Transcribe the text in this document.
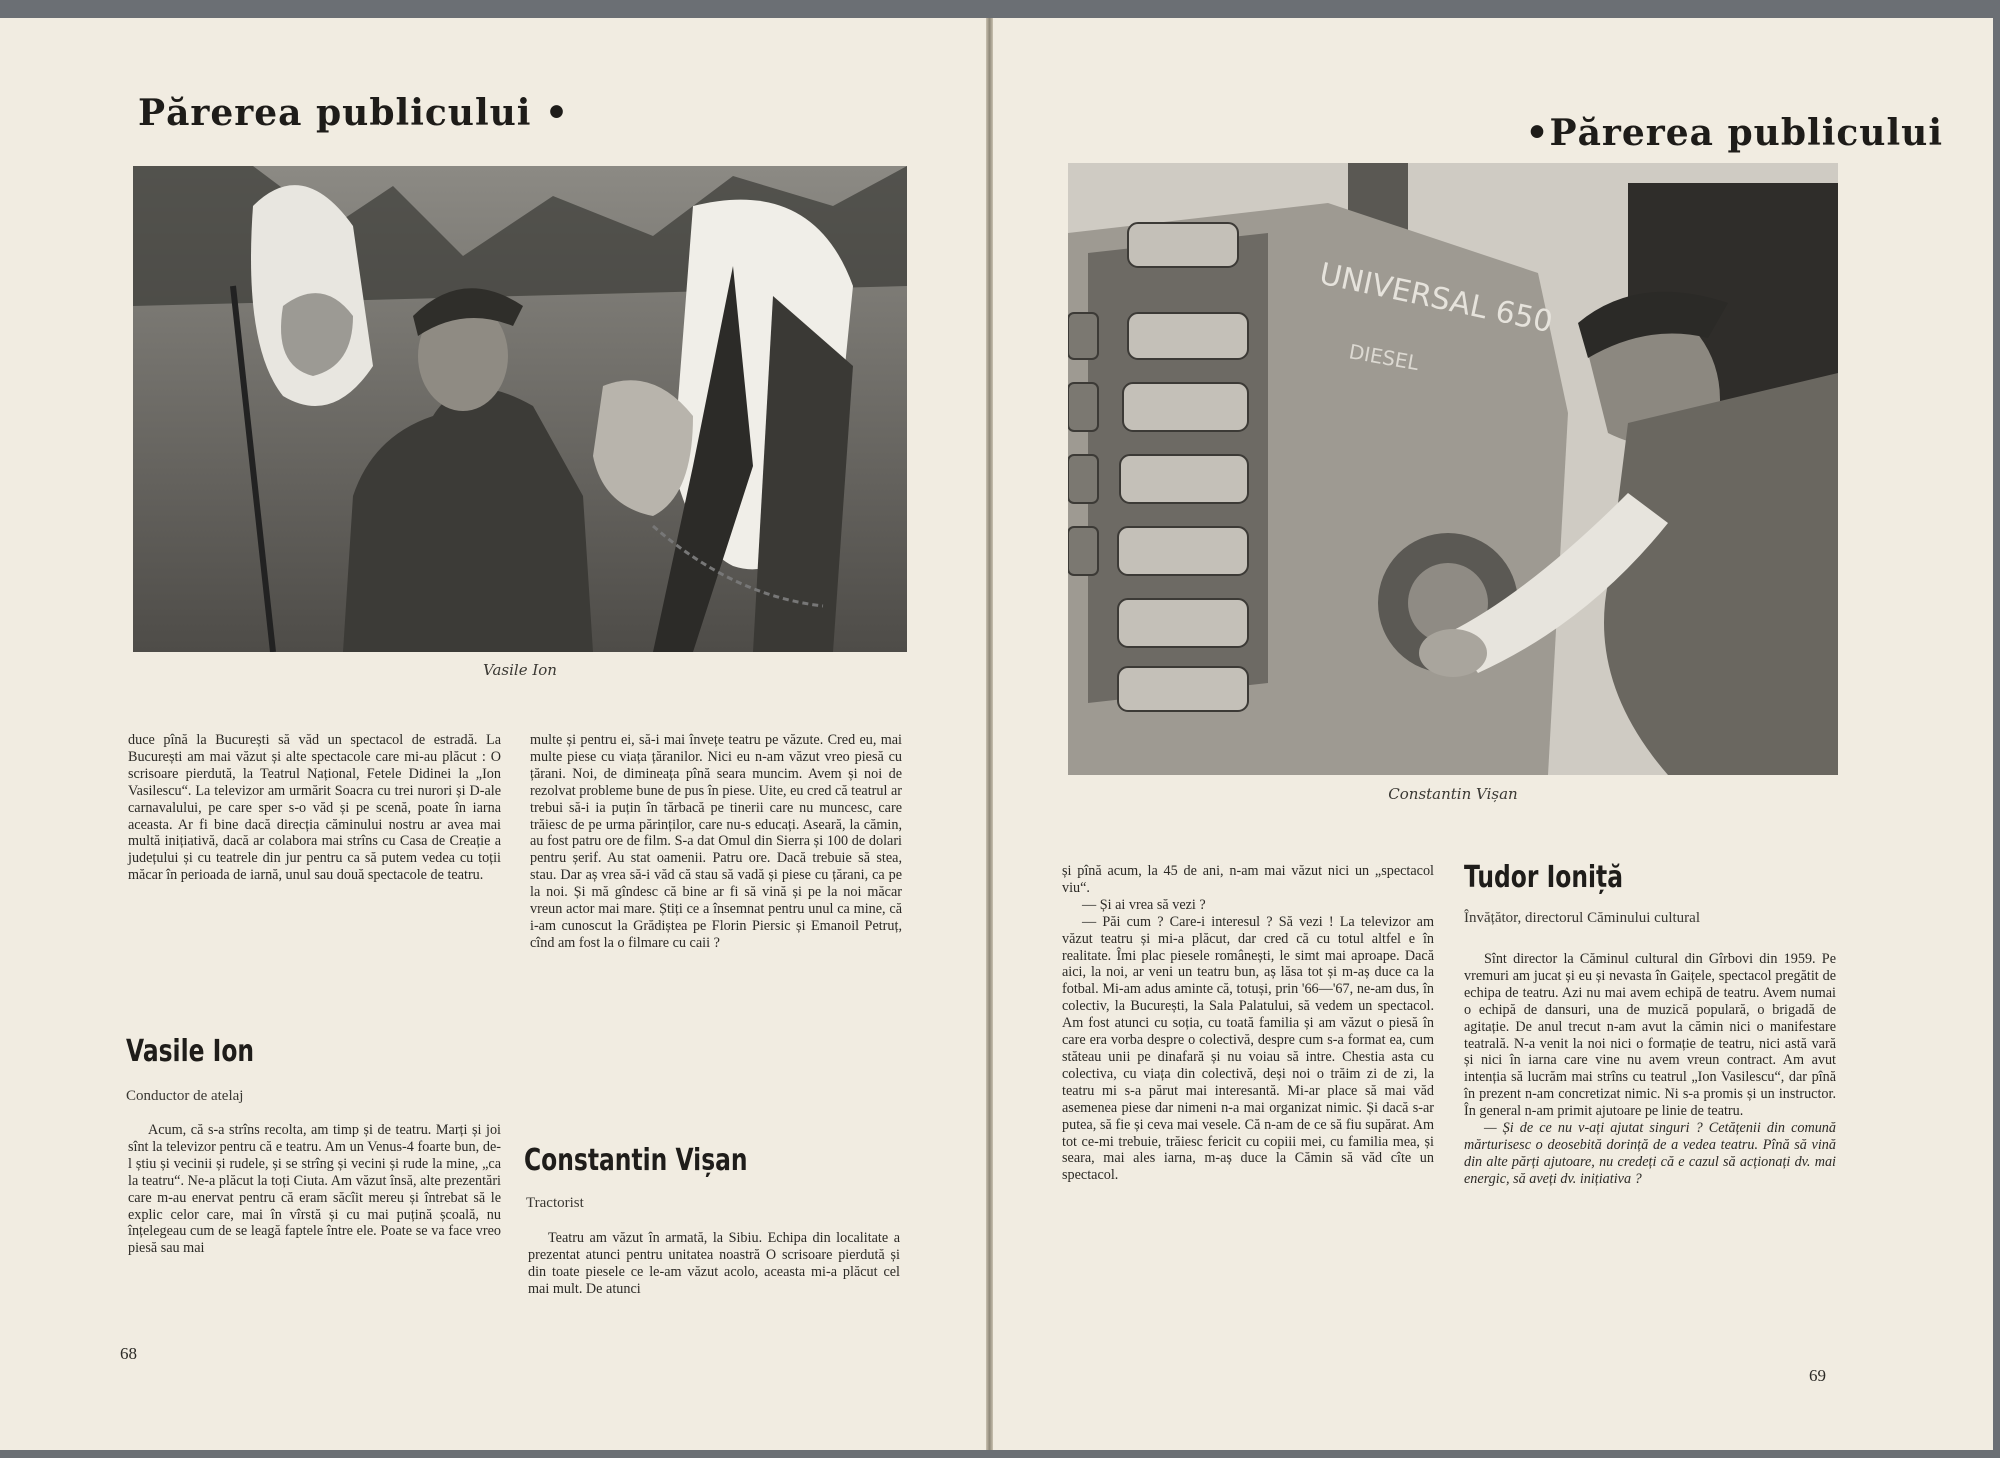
Părerea publicului •
Vasile Ion

duce pînă la București să văd un spectacol de estradă. La București am mai văzut și alte spectacole care mi-au plăcut : O scrisoare pierdută, la Teatrul Național, Fetele Didinei la „Ion Vasilescu“. La televizor am urmărit Soacra cu trei nurori și D-ale carnavalului, pe care sper s-o văd și pe scenă, poate în iarna aceasta. Ar fi bine dacă direcția căminului nostru ar avea mai multă inițiativă, dacă ar colabora mai strîns cu Casa de Creație a județului și cu teatrele din jur pentru ca să putem vedea cu toții măcar în perioada de iarnă, unul sau două spectacole de teatru.

Vasile Ion
Conductor de atelaj

Acum, că s-a strîns recolta, am timp și de teatru. Marți și joi sînt la televizor pentru că e teatru. Am un Venus-4 foarte bun, de-l știu și vecinii și rudele, și se strîng și vecini și rude la mine, „ca la teatru“. Ne-a plăcut la toți Ciuta. Am văzut însă, alte prezentări care m-au enervat pentru că eram săcîit mereu și întrebat să le explic celor care, mai în vîrstă și cu mai puțină școală, nu înțelegeau cum de se leagă faptele între ele. Poate se va face vreo piesă sau mai

multe și pentru ei, să-i mai învețe teatru pe văzute. Cred eu, mai multe piese cu viața țăranilor. Nici eu n-am văzut vreo piesă cu țărani. Noi, de dimineața pînă seara muncim. Avem și noi de rezolvat probleme bune de pus în piese. Uite, eu cred că teatrul ar trebui să-i ia puțin în tărbacă pe tinerii care nu muncesc, care trăiesc de pe urma părinților, care nu-s educați. Aseară, la cămin, au fost patru ore de film. S-a dat Omul din Sierra și 100 de dolari pentru șerif. Au stat oamenii. Patru ore. Dacă trebuie să stea, stau. Dar aș vrea să-i văd că stau să vadă și piese cu țărani, ca pe la noi. Și mă gîndesc că bine ar fi să vină și pe la noi măcar vreun actor mai mare. Știți ce a însemnat pentru unul ca mine, că i-am cunoscut la Grădiștea pe Florin Piersic și Emanoil Petruț, cînd am fost la o filmare cu caii ?

Constantin Vișan
Tractorist

Teatru am văzut în armată, la Sibiu. Echipa din localitate a prezentat atunci pentru unitatea noastră O scrisoare pierdută și din toate piesele ce le-am văzut acolo, aceasta mi-a plăcut cel mai mult. De atunci

68
•Părerea publicului
UNIVERSAL 650
DIESEL
Constantin Vișan

și pînă acum, la 45 de ani, n-am mai văzut nici un „spectacol viu“.

— Și ai vrea să vezi ?

— Păi cum ? Care-i interesul ? Să vezi ! La televizor am văzut teatru și mi-a plăcut, dar cred că cu totul altfel e în realitate. Îmi plac piesele românești, le simt mai aproape. Dacă aici, la noi, ar veni un teatru bun, aș lăsa tot și m-aș duce ca la fotbal. Mi-am adus aminte că, totuși, prin '66—'67, ne-am dus, în colectiv, la București, la Sala Palatului, să vedem un spectacol. Am fost atunci cu soția, cu toată familia și am văzut o piesă în care era vorba despre o colectivă, despre cum s-a format ea, cum stăteau unii pe dinafară și nu voiau să intre. Chestia asta cu colectiva, cu viața din colectivă, deși noi o trăim zi de zi, la teatru mi s-a părut mai interesantă. Mi-ar place să mai văd asemenea piese dar nimeni n-a mai organizat nimic. Și dacă s-ar putea, să fie și ceva mai vesele. Că n-am de ce să fiu supărat. Am tot ce-mi trebuie, trăiesc fericit cu copiii mei, cu familia mea, și seara, mai ales iarna, m-aș duce la Cămin să văd cîte un spectacol.

Tudor Ioniță
Învățător, directorul Căminului cultural

Sînt director la Căminul cultural din Gîrbovi din 1959. Pe vremuri am jucat și eu și nevasta în Gaițele, spectacol pregătit de echipa de teatru. Azi nu mai avem echipă de teatru. Avem numai o echipă de dansuri, una de muzică populară, o brigadă de agitație. De anul trecut n-am avut la cămin nici o manifestare teatrală. N-a venit la noi nici o formație de teatru, nici astă vară și nici în iarna care vine nu avem vreun contract. Am avut intenția să lucrăm mai strîns cu teatrul „Ion Vasilescu“, dar pînă în prezent n-am concretizat nimic. Ni s-a promis și un instructor. În general n-am primit ajutoare pe linie de teatru.

— Și de ce nu v-ați ajutat singuri ? Cetățenii din comună mărturisesc o deosebită dorință de a vedea teatru. Pînă să vină din alte părți ajutoare, nu credeți că e cazul să acționați dv. mai energic, să aveți dv. inițiativa ?

69
